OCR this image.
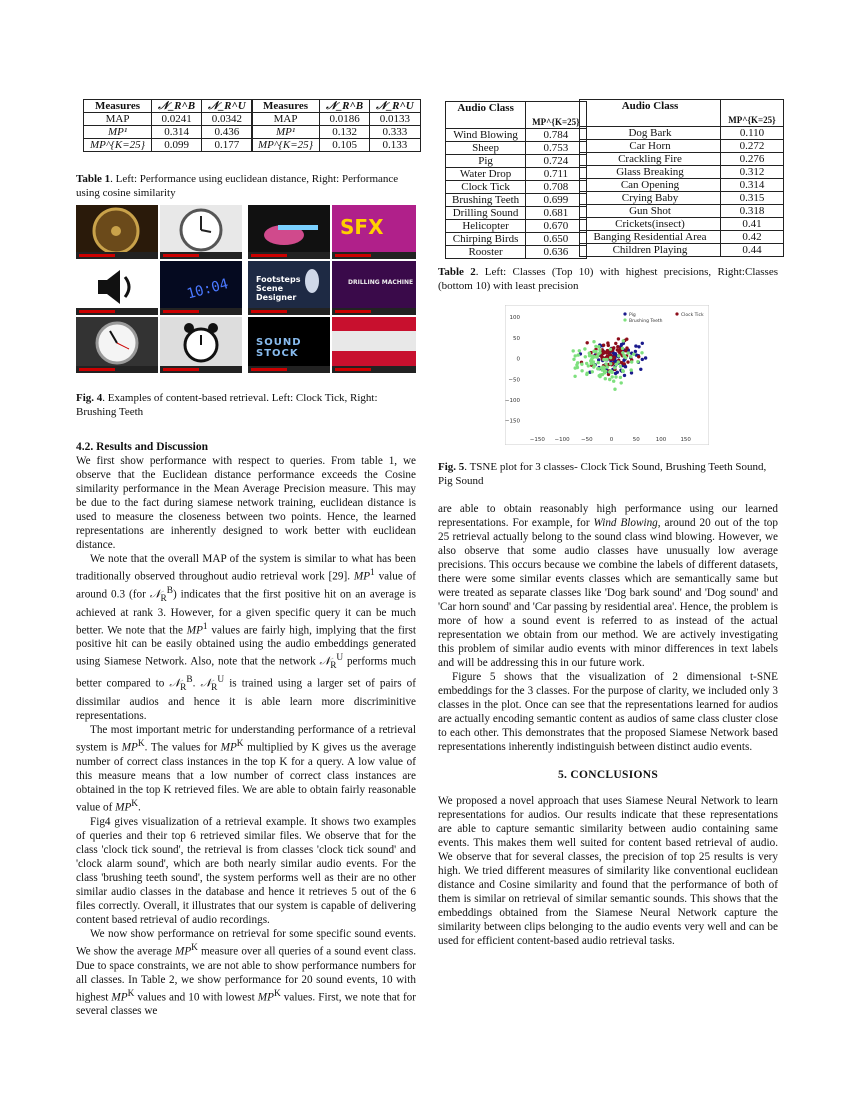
Measures	𝒩_R^B	𝒩_R^U
MAP	0.0241	0.0342
MP¹	0.314	0.436
MP^{K=25}	0.099	0.177
Measures	𝒩_R^B	𝒩_R^U
MAP	0.0186	0.0133
MP¹	0.132	0.333
MP^{K=25}	0.105	0.133
Table 1. Left: Performance using euclidean distance, Right: Performance using cosine similarity
10:04
SFX
Footsteps Scene Designer
DRILLING MACHINE
SOUND STOCK
Fig. 4. Examples of content-based retrieval. Left: Clock Tick, Right: Brushing Teeth
4.2. Results and Discussion

We first show performance with respect to queries. From table 1, we observe that the Euclidean distance performance exceeds the Cosine similarity performance in the Mean Average Precision measure. This may be due to the fact during siamese network training, euclidean distance is used to measure the closeness between two points. Hence, the learned representations are inherently designed to work better with euclidean distance.

We note that the overall MAP of the system is similar to what has been traditionally observed throughout audio retrieval work [29]. $MP^1$ value of around 0.3 (for 𝒩$_R^B$) indicates that the first positive hit on an average is achieved at rank 3. However, for a given specific query it can be much better. We note that the $MP^1$ values are fairly high, implying that the first positive hit can be easily obtained using the audio embeddings generated using Siamese Network. Also, note that the network 𝒩$_R^U$ performs much better compared to 𝒩$_R^B$. 𝒩$_R^U$ is trained using a larger set of pairs of dissimilar audios and hence it is able learn more discriminitive representations.

The most important metric for understanding performance of a retrieval system is $MP^K$. The values for $MP^K$ multiplied by K gives us the average number of correct class instances in the top K for a query. A low value of this measure means that a low number of correct class instances are obtained in the top K retrieved files. We are able to obtain fairly reasonable value of $MP^K$.

Fig4 gives visualization of a retrieval example. It shows two examples of queries and their top 6 retrieved similar files. We observe that for the class 'clock tick sound', the retrieval is from classes 'clock tick sound' and 'clock alarm sound', which are both nearly similar audio events. For the class 'brushing teeth sound', the system performs well as their are no other similar audio classes in the database and hence it retrieves 5 out of the 6 files correctly. Overall, it illustrates that our system is capable of delivering content based retrieval of audio recordings.

We now show performance on retrieval for some specific sound events. We show the average $MP^K$ measure over all queries of a sound event class. Due to space constraints, we are not able to show performance numbers for all classes. In Table 2, we show performance for 20 sound events, 10 with highest $MP^K$ values and 10 with lowest $MP^K$ values. First, we note that for several classes we

Audio Class	MP^{K=25}
Wind Blowing	0.784
Sheep	0.753
Pig	0.724
Water Drop	0.711
Clock Tick	0.708
Brushing Teeth	0.699
Drilling Sound	0.681
Helicopter	0.670
Chirping Birds	0.650
Rooster	0.636
Audio Class	MP^{K=25}
Dog Bark	0.110
Car Horn	0.272
Crackling Fire	0.276
Glass Breaking	0.312
Can Opening	0.314
Crying Baby	0.315
Gun Shot	0.318
Crickets(insect)	0.41
Banging Residential Area	0.42
Children Playing	0.44
Table 2. Left: Classes (Top 10) with highest precisions, Right:Classes (bottom 10) with least precision
−150 −100 −50	0	50	100	150
100
50
0
−50
−100
−150
Pig	Clock Tick
Brushing Teeth
Fig. 5. TSNE plot for 3 classes- Clock Tick Sound, Brushing Teeth Sound, Pig Sound

are able to obtain reasonably high performance using our learned representations. For example, for Wind Blowing, around 20 out of the top 25 retrieval actually belong to the sound class wind blowing. However, we also observe that some audio classes have unusually low average precisions. This occurs because we combine the labels of different datasets, there were some similar events classes which are semantically same but were treated as separate classes like 'Dog bark sound' and 'Dog sound' and 'Car horn sound' and 'Car passing by residential area'. Hence, the problem is more of how a sound event is referred to as instead of the actual representation we obtain from our method. We are actively investigating this problem of similar audio events with minor differences in text labels and will be addressing this in our future work.

Figure 5 shows that the visualization of 2 dimensional t-SNE embeddings for the 3 classes. For the purpose of clarity, we included only 3 classes in the plot. Once can see that the representations learned for audios are actually encoding semantic content as audios of same class cluster close to each other. This demonstrates that the proposed Siamese Network based representations inherently indistinguish between distinct audio events.

5. CONCLUSIONS

We proposed a novel approach that uses Siamese Neural Network to learn representations for audios. Our results indicate that these representations are able to capture semantic similarity between audio containing same events. This makes them well suited for content based retrieval of audio. We observe that for several classes, the precision of top 25 results is very high. We tried different measures of similarity like conventional euclidean distance and Cosine similarity and found that the performance of both of them is similar on retrieval of similar semantic sounds. This shows that the embeddings obtained from the Siamese Neural Network capture the similarity between clips belonging to the audio events very well and can be used for efficient content-based audio retrieval tasks.
